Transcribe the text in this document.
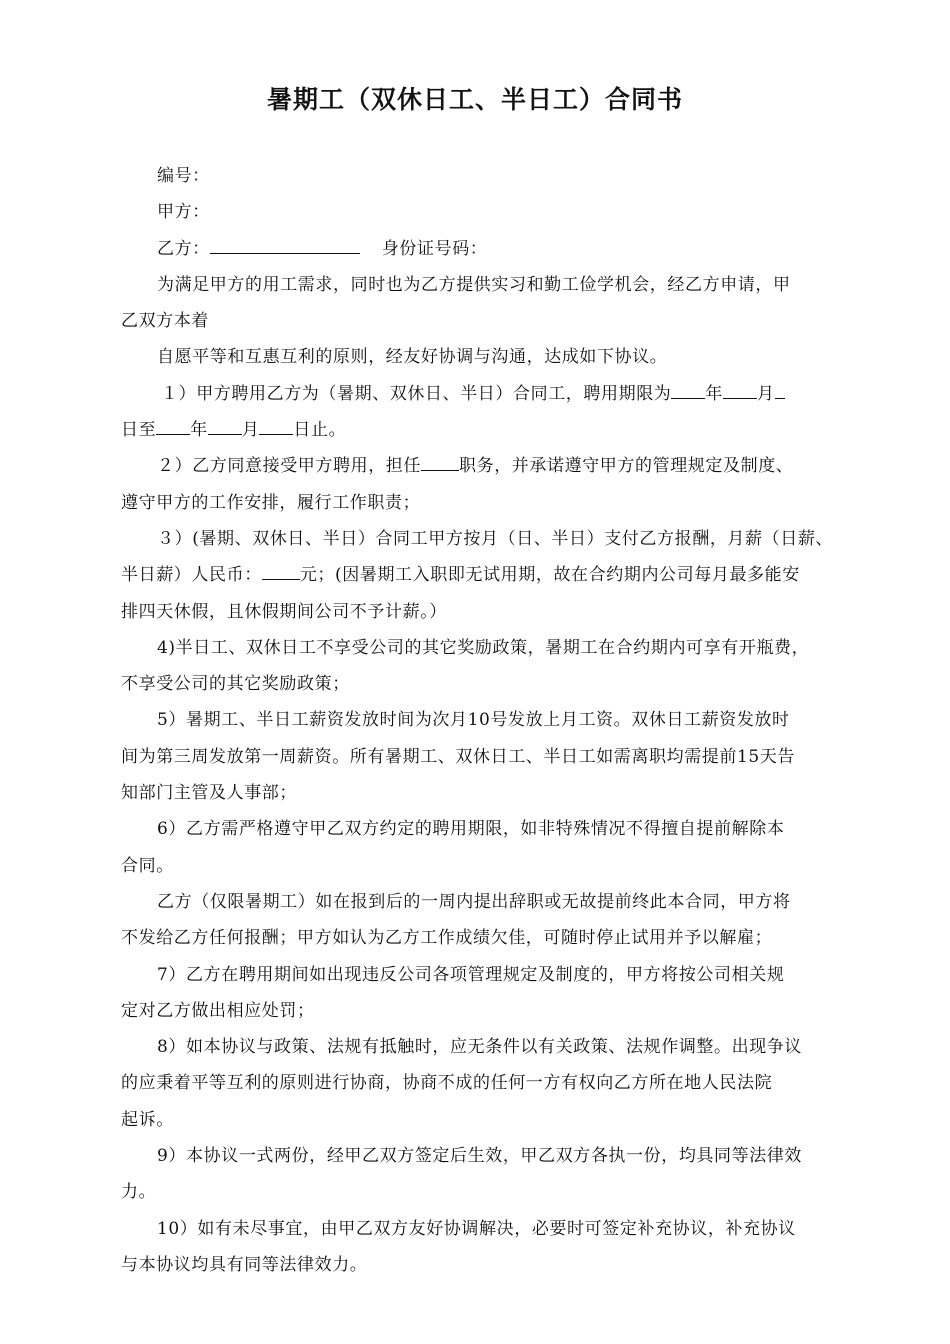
暑期工（双休日工、半日工）合同书
编号：
甲方：
乙方：	身份证号码：
为满足甲方的用工需求，同时也为乙方提供实习和勤工俭学机会，经乙方申请，甲
乙双方本着
自愿平等和互惠互利的原则，经友好协调与沟通，达成如下协议。
１）甲方聘用乙方为（暑期、双休日、半日）合同工，聘用期限为 年 月
日至 年 月 日止。
２）乙方同意接受甲方聘用，担任 职务，并承诺遵守甲方的管理规定及制度、
遵守甲方的工作安排，履行工作职责；
３）(暑期、双休日、半日）合同工甲方按月（日、半日）支付乙方报酬，月薪（日薪、
半日薪）人民币： 元；(因暑期工入职即无试用期，故在合约期内公司每月最多能安
排四天休假，且休假期间公司不予计薪。）
4)半日工、双休日工不享受公司的其它奖励政策，暑期工在合约期内可享有开瓶费，
不享受公司的其它奖励政策；
5）暑期工、半日工薪资发放时间为次月10号发放上月工资。双休日工薪资发放时
间为第三周发放第一周薪资。所有暑期工、双休日工、半日工如需离职均需提前15天告
知部门主管及人事部；
6）乙方需严格遵守甲乙双方约定的聘用期限，如非特殊情况不得擅自提前解除本
合同。
乙方（仅限暑期工）如在报到后的一周内提出辞职或无故提前终此本合同，甲方将
不发给乙方任何报酬；甲方如认为乙方工作成绩欠佳，可随时停止试用并予以解雇；
7）乙方在聘用期间如出现违反公司各项管理规定及制度的，甲方将按公司相关规
定对乙方做出相应处罚；
8）如本协议与政策、法规有抵触时，应无条件以有关政策、法规作调整。出现争议
的应秉着平等互利的原则进行协商，协商不成的任何一方有权向乙方所在地人民法院
起诉。
9）本协议一式两份，经甲乙双方签定后生效，甲乙双方各执一份，均具同等法律效
力。
10）如有未尽事宜，由甲乙双方友好协调解决，必要时可签定补充协议，补充协议
与本协议均具有同等法律效力。
